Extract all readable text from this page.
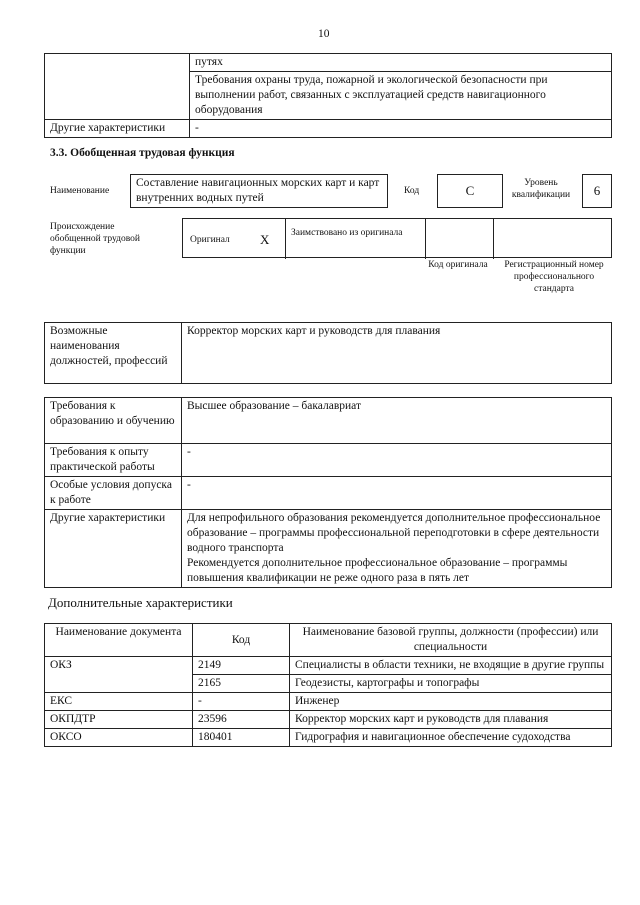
10
	путях
	Требования охраны труда, пожарной и экологической безопасности при выполнении работ, связанных с эксплуатацией средств навигационного оборудования
Другие характеристики	-
3.3. Обобщенная трудовая функция
Наименование
Составление навигационных морских карт и карт внутренних водных путей
Код	C	Уровень квалификации	6
Происхождение обобщенной трудовой функции
Оригинал X Заимствовано из оригинала
Код оригинала	Регистрационный номер профессионального стандарта
Возможные наименования должностей, профессий	Корректор морских карт и руководств для плавания
Требования к образованию и обучению	Высшее образование – бакалавриат
Требования к опыту практической работы	-
Особые условия допуска к работе	-
Другие характеристики	Для непрофильного образования рекомендуется дополнительное профессиональное образование – программы профессиональной переподготовки в сфере деятельности водного транспорта
Рекомендуется дополнительное профессиональное образование – программы повышения квалификации не реже одного раза в пять лет
Дополнительные характеристики
Наименование документа	Код	Наименование базовой группы, должности (профессии) или специальности
ОКЗ	2149	Специалисты в области техники, не входящие в другие группы
	2165	Геодезисты, картографы и топографы
ЕКС	-	Инженер
ОКПДТР	23596	Корректор морских карт и руководств для плавания
ОКСО	180401	Гидрография и навигационное обеспечение судоходства
